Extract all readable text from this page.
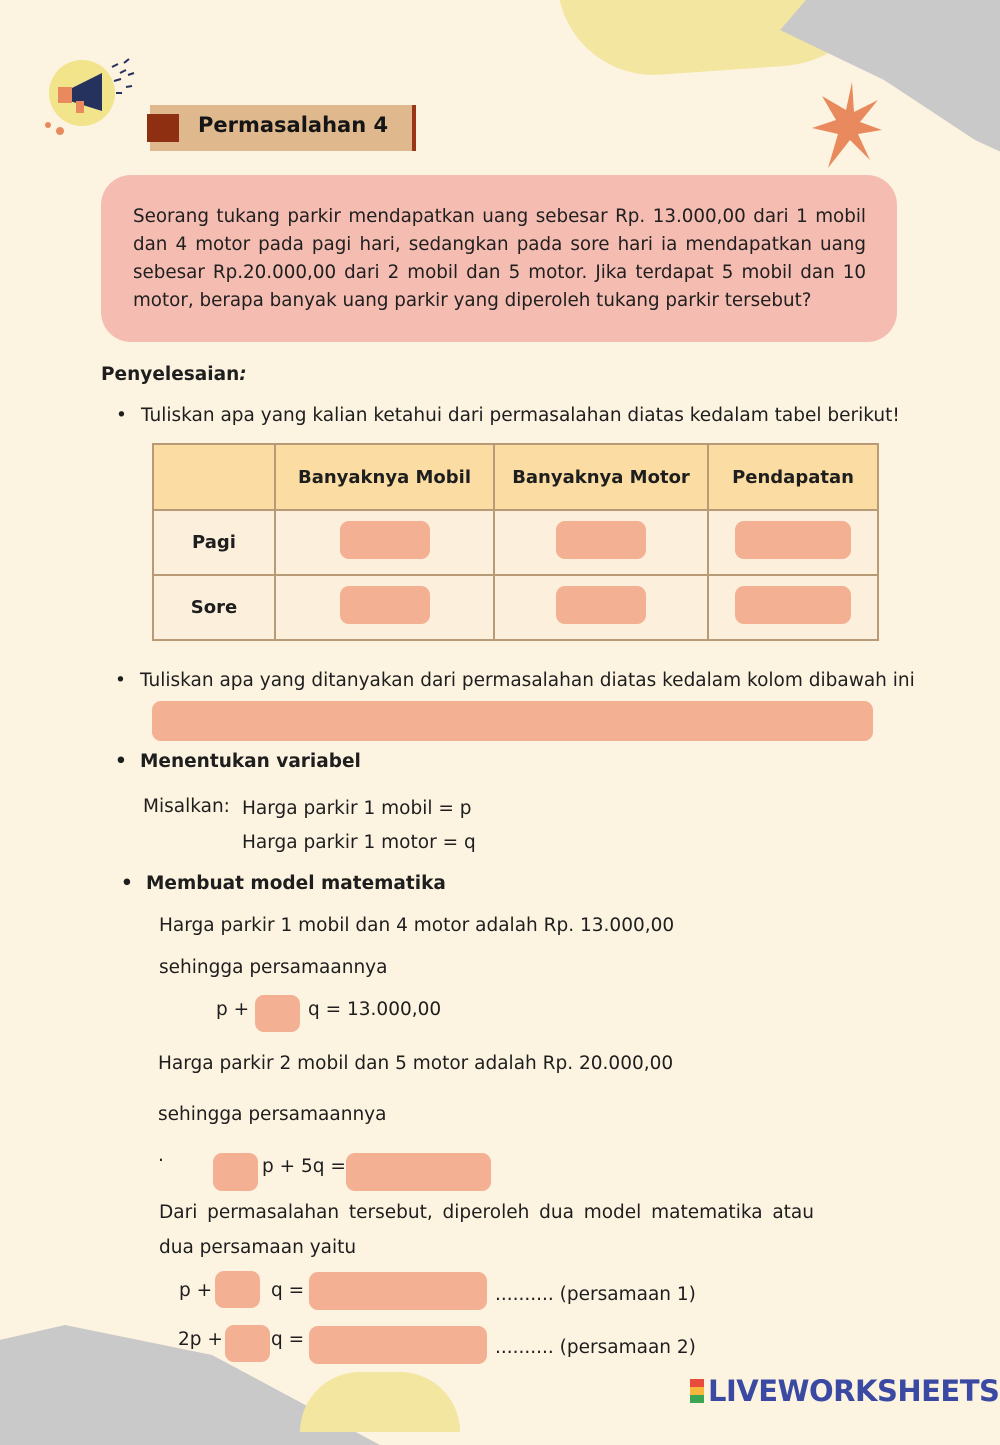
Permasalahan 4
Seorang tukang parkir mendapatkan uang sebesar Rp. 13.000,00 dari 1 mobil dan 4 motor pada pagi hari, sedangkan pada sore hari ia mendapatkan uang sebesar Rp.20.000,00 dari 2 mobil dan 5 motor. Jika terdapat 5 mobil dan 10 motor, berapa banyak uang parkir yang diperoleh tukang parkir tersebut?
Penyelesaian:
• Tuliskan apa yang kalian ketahui dari permasalahan diatas kedalam tabel berikut!
	Banyaknya Mobil	Banyaknya Motor	Pendapatan
Pagi			
Sore			
• Tuliskan apa yang ditanyakan dari permasalahan diatas kedalam kolom dibawah ini
• Menentukan variabel
Misalkan: Harga parkir 1 mobil = p
Harga parkir 1 motor = q
• Membuat model matematika
Harga parkir 1 mobil dan 4 motor adalah Rp. 13.000,00
sehingga persamaannya
p +	q = 13.000,00
Harga parkir 2 mobil dan 5 motor adalah Rp. 20.000,00
sehingga persamaannya
.
p + 5q =
Dari permasalahan tersebut, diperoleh dua model matematika atau dua persamaan yaitu
p +	q =	.......... (persamaan 1)
2p +	q =	.......... (persamaan 2)
LIVEWORKSHEETS
